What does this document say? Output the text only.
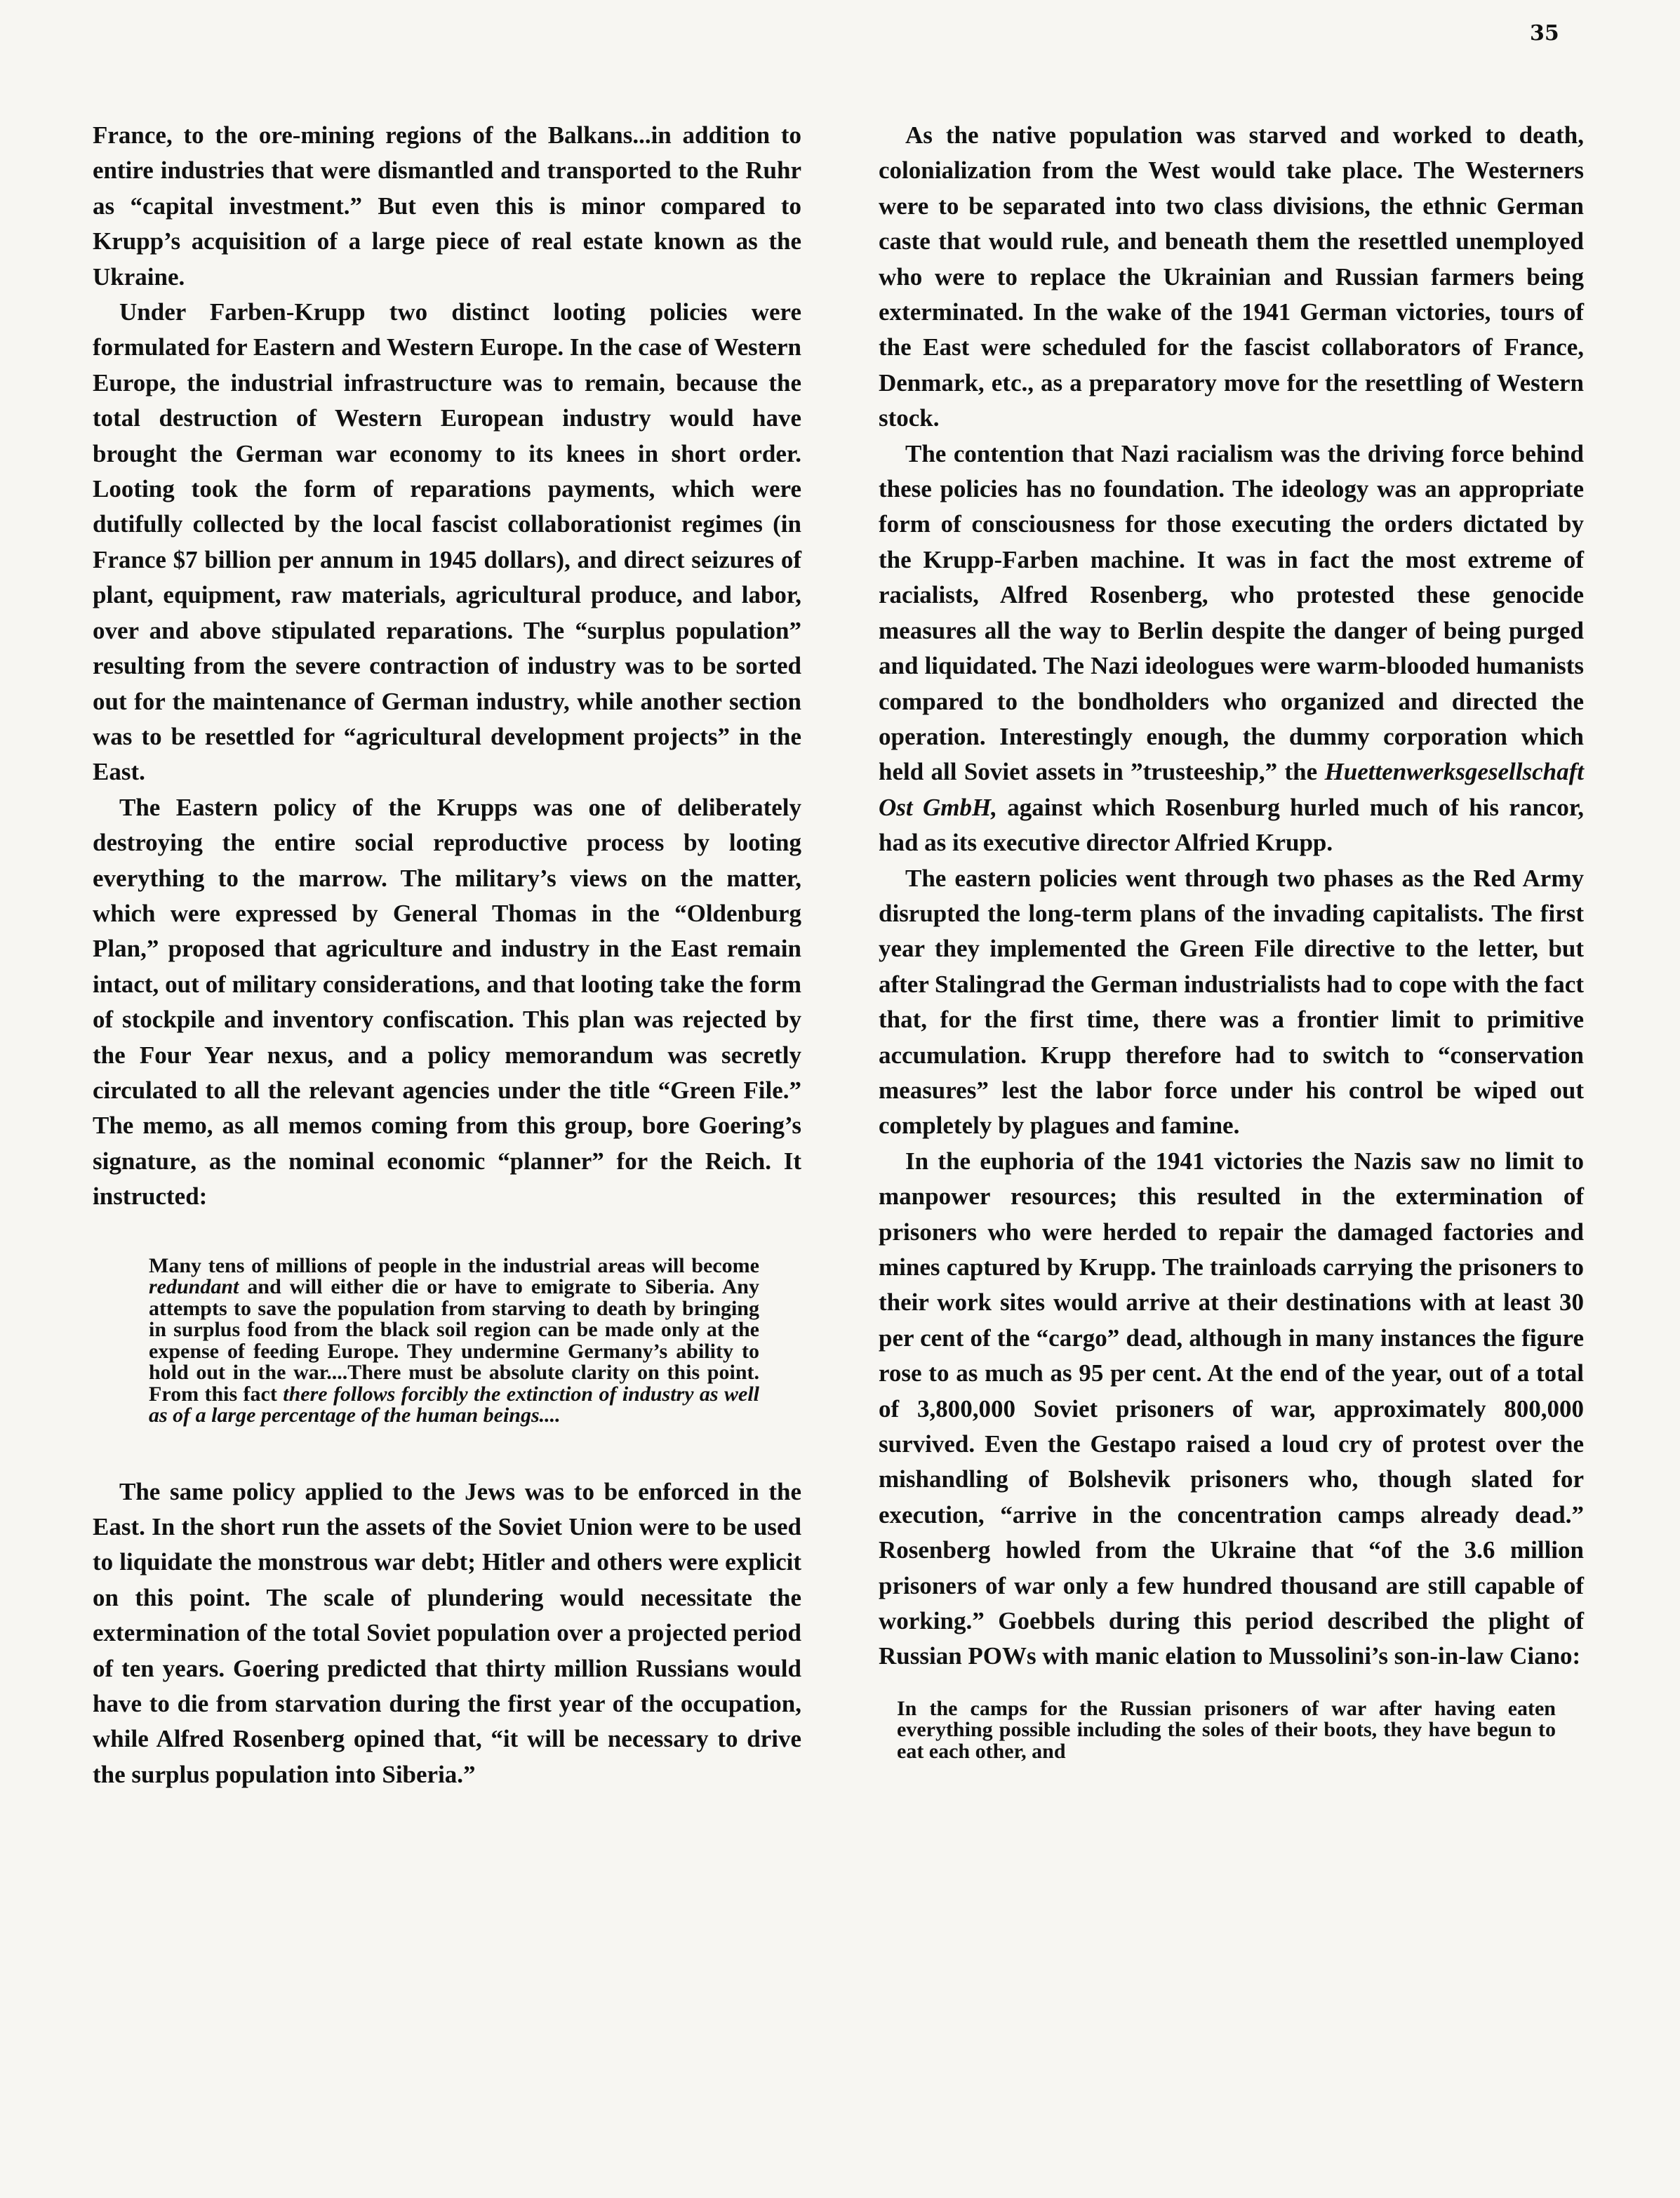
35

France, to the ore-mining regions of the Balkans...in addition to entire industries that were dismantled and transported to the Ruhr as “capital investment.” But even this is minor compared to Krupp’s acquisition of a large piece of real estate known as the Ukraine.

Under Farben-Krupp two distinct looting policies were formulated for Eastern and Western Europe. In the case of Western Europe, the industrial infrastructure was to remain, because the total destruction of Western European industry would have brought the German war economy to its knees in short order. Looting took the form of reparations payments, which were dutifully collected by the local fascist collaborationist regimes (in France $7 billion per annum in 1945 dollars), and direct seizures of plant, equipment, raw materials, agricultural produce, and labor, over and above stipulated reparations. The “surplus population” resulting from the severe contraction of industry was to be sorted out for the maintenance of German industry, while another section was to be resettled for “agricultural development projects” in the East.

The Eastern policy of the Krupps was one of deliberately destroying the entire social reproductive process by looting everything to the marrow. The military’s views on the matter, which were expressed by General Thomas in the “Oldenburg Plan,” proposed that agriculture and industry in the East remain intact, out of military considerations, and that looting take the form of stockpile and inventory confiscation. This plan was rejected by the Four Year nexus, and a policy memorandum was secretly circulated to all the relevant agencies under the title “Green File.” The memo, as all memos coming from this group, bore Goering’s signature, as the nominal economic “planner” for the Reich. It instructed:

Many tens of millions of people in the industrial areas will become redundant and will either die or have to emigrate to Siberia. Any attempts to save the population from starving to death by bringing in surplus food from the black soil region can be made only at the expense of feeding Europe. They undermine Germany’s ability to hold out in the war....There must be absolute clarity on this point. From this fact there follows forcibly the extinction of industry as well as of a large percentage of the human beings....

The same policy applied to the Jews was to be enforced in the East. In the short run the assets of the Soviet Union were to be used to liquidate the monstrous war debt; Hitler and others were explicit on this point. The scale of plundering would necessitate the extermination of the total Soviet population over a projected period of ten years. Goering predicted that thirty million Russians would have to die from starvation during the first year of the occupation, while Alfred Rosenberg opined that, “it will be necessary to drive the surplus population into Siberia.”

As the native population was starved and worked to death, colonialization from the West would take place. The Westerners were to be separated into two class divisions, the ethnic German caste that would rule, and beneath them the resettled unemployed who were to replace the Ukrainian and Russian farmers being exterminated. In the wake of the 1941 German victories, tours of the East were scheduled for the fascist collaborators of France, Denmark, etc., as a preparatory move for the resettling of Western stock.

The contention that Nazi racialism was the driving force behind these policies has no foundation. The ideology was an appropriate form of consciousness for those executing the orders dictated by the Krupp-Farben machine. It was in fact the most extreme of racialists, Alfred Rosenberg, who protested these genocide measures all the way to Berlin despite the danger of being purged and liquidated. The Nazi ideologues were warm-blooded humanists compared to the bondholders who organized and directed the operation. Interestingly enough, the dummy corporation which held all Soviet assets in ”trusteeship,” the Huettenwerksgesellschaft Ost GmbH, against which Rosenburg hurled much of his rancor, had as its executive director Alfried Krupp.

The eastern policies went through two phases as the Red Army disrupted the long-term plans of the invading capitalists. The first year they implemented the Green File directive to the letter, but after Stalingrad the German industrialists had to cope with the fact that, for the first time, there was a frontier limit to primitive accumulation. Krupp therefore had to switch to “conservation measures” lest the labor force under his control be wiped out completely by plagues and famine.

In the euphoria of the 1941 victories the Nazis saw no limit to manpower resources; this resulted in the extermination of prisoners who were herded to repair the damaged factories and mines captured by Krupp. The trainloads carrying the prisoners to their work sites would arrive at their destinations with at least 30 per cent of the “cargo” dead, although in many instances the figure rose to as much as 95 per cent. At the end of the year, out of a total of 3,800,000 Soviet prisoners of war, approximately 800,000 survived. Even the Gestapo raised a loud cry of protest over the mishandling of Bolshevik prisoners who, though slated for execution, “arrive in the concentration camps already dead.” Rosenberg howled from the Ukraine that “of the 3.6 million prisoners of war only a few hundred thousand are still capable of working.” Goebbels during this period described the plight of Russian POWs with manic elation to Mussolini’s son-in-law Ciano:

In the camps for the Russian prisoners of war after having eaten everything possible including the soles of their boots, they have begun to eat each other, and
